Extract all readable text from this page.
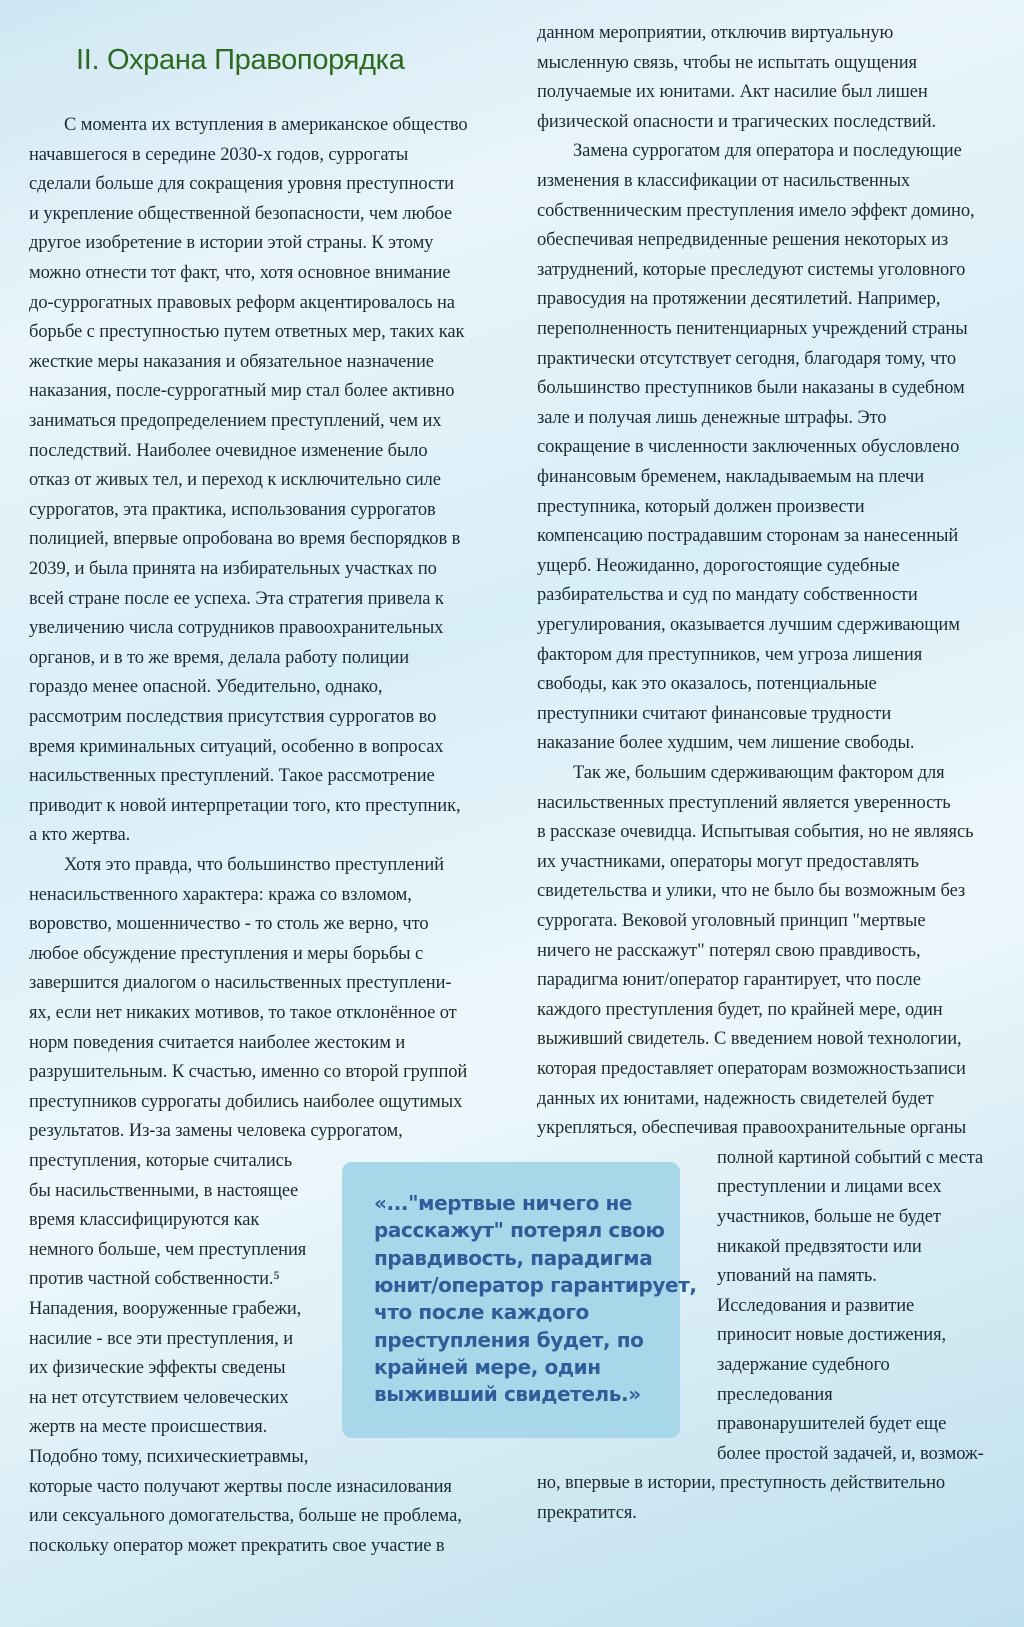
II. Охрана Правопорядка
С момента их вступления в американское общество
начавшегося в середине 2030-х годов, суррогаты
сделали больше для сокращения уровня преступности
и укрепление общественной безопасности, чем любое
другое изобретение в истории этой страны. К этому
можно отнести тот факт, что, хотя основное внимание
до-суррогатных правовых реформ акцентировалось на
борьбе с преступностью путем ответных мер, таких как
жесткие меры наказания и обязательное назначение
наказания, после-суррогатный мир стал более активно
заниматься предопределением преступлений, чем их
последствий. Наиболее очевидное изменение было
отказ от живых тел, и переход к исключительно силе
суррогатов, эта практика, использования суррогатов
полицией, впервые опробована во время беспорядков в
2039, и была принята на избирательных участках по
всей стране после ее успеха. Эта стратегия привела к
увеличению числа сотрудников правоохранительных
органов, и в то же время, делала работу полиции
гораздо менее опасной. Убедительно, однако,
рассмотрим последствия присутствия суррогатов во
время криминальных ситуаций, особенно в вопросах
насильственных преступлений. Такое рассмотрение
приводит к новой интерпретации того, кто преступник,
а кто жертва.
Хотя это правда, что большинство преступлений
ненасильственного характера: кража со взломом,
воровство, мошенничество - то столь же верно, что
любое обсуждение преступления и меры борьбы с
завершится диалогом о насильственных преступлени-
ях, если нет никаких мотивов, то такое отклонённое от
норм поведения считается наиболее жестоким и
разрушительным. К счастью, именно со второй группой
преступников суррогаты добились наиболее ощутимых
результатов. Из-за замены человека суррогатом,
преступления, которые считались
бы насильственными, в настоящее
время классифицируются как
немного больше, чем преступления
против частной собственности.⁵
Нападения, вооруженные грабежи,
насилие - все эти преступления, и
их физические эффекты сведены
на нет отсутствием человеческих
жертв на месте происшествия.
Подобно тому, психическиетравмы,
которые часто получают жертвы после изнасилования
или сексуального домогательства, больше не проблема,
поскольку оператор может прекратить свое участие в
данном мероприятии, отключив виртуальную
мысленную связь, чтобы не испытать ощущения
получаемые их юнитами. Акт насилие был лишен
физической опасности и трагических последствий.
Замена суррогатом для оператора и последующие
изменения в классификации от насильственных
собственническим преступления имело эффект домино,
обеспечивая непредвиденные решения некоторых из
затруднений, которые преследуют системы уголовного
правосудия на протяжении десятилетий. Например,
переполненность пенитенциарных учреждений страны
практически отсутствует сегодня, благодаря тому, что
большинство преступников были наказаны в судебном
зале и получая лишь денежные штрафы. Это
сокращение в численности заключенных обусловлено
финансовым бременем, накладываемым на плечи
преступника, который должен произвести
компенсацию пострадавшим сторонам за нанесенный
ущерб. Неожиданно, дорогостоящие судебные
разбирательства и суд по мандату собственности
урегулирования, оказывается лучшим сдерживающим
фактором для преступников, чем угроза лишения
свободы, как это оказалось, потенциальные
преступники считают финансовые трудности
наказание более худшим, чем лишение свободы.
Так же, большим сдерживающим фактором для
насильственных преступлений является уверенность
в рассказе очевидца. Испытывая события, но не являясь
их участниками, операторы могут предоставлять
свидетельства и улики, что не было бы возможным без
суррогата. Вековой уголовный принцип "мертвые
ничего не расскажут" потерял свою правдивость,
парадигма юнит/оператор гарантирует, что после
каждого преступления будет, по крайней мере, один
выживший свидетель. С введением новой технологии,
которая предоставляет операторам возможностьзаписи
данных их юнитами, надежность свидетелей будет
укрепляться, обеспечивая правоохранительные органы
полной картиной событий с места
преступлении и лицами всех
участников, больше не будет
никакой предвзятости или
упований на память.
Исследования и развитие
приносит новые достижения,
задержание судебного
преследования
правонарушителей будет еще
более простой задачей, и, возмож-
но, впервые в истории, преступность действительно
прекратится.
«..."мертвые ничего не
расскажут" потерял свою
правдивость, парадигма
юнит/оператор гарантирует,
что после каждого
преступления будет, по
крайней мере, один
выживший свидетель.»
